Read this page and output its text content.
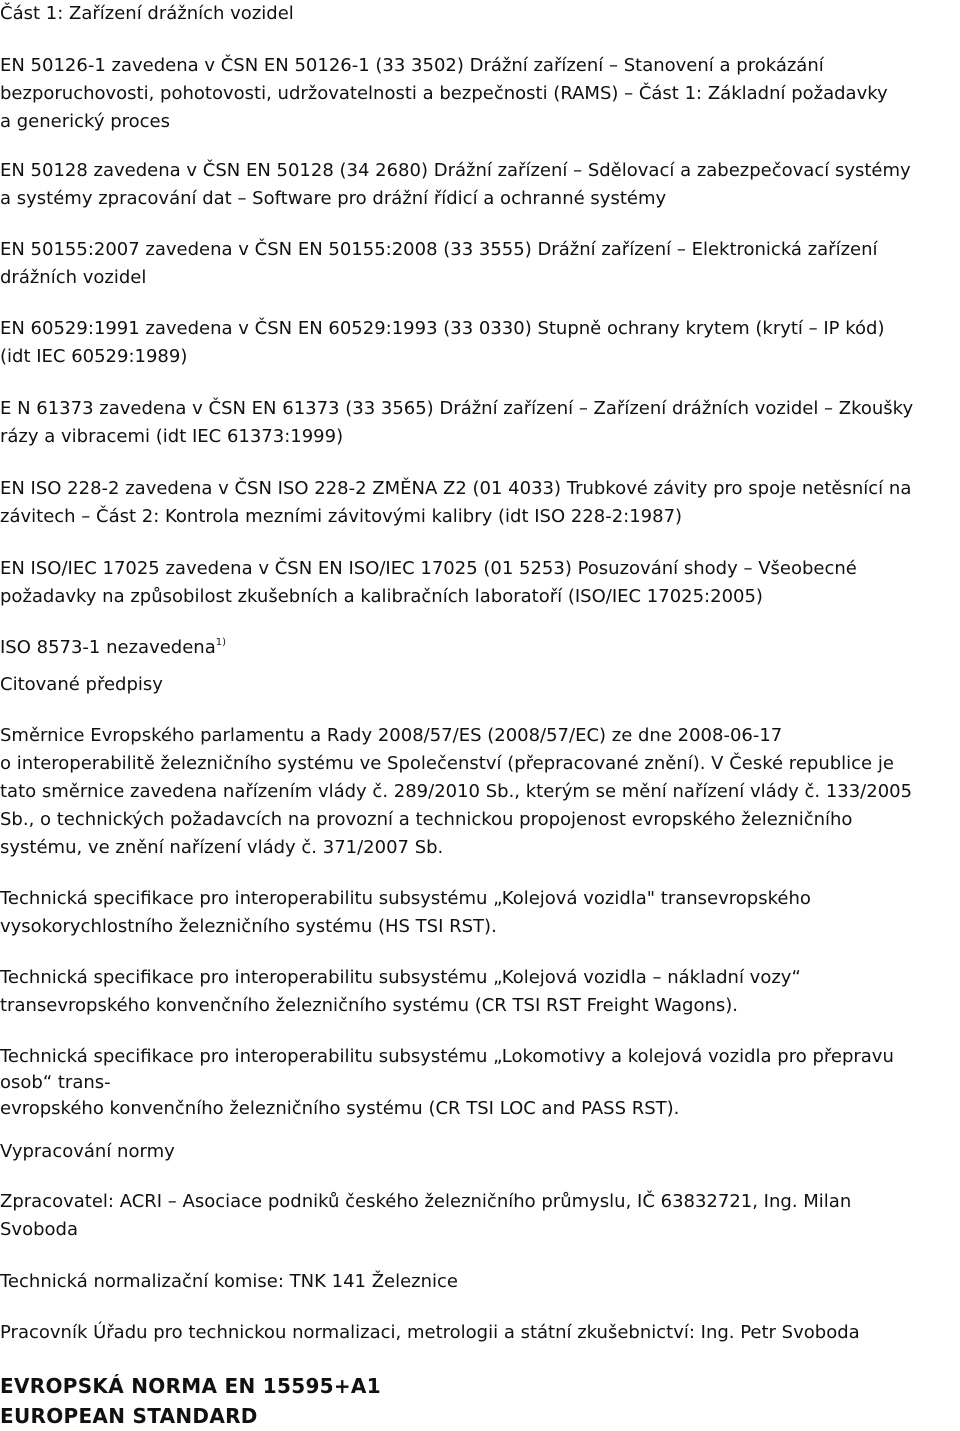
Část 1: Zařízení drážních vozidel
EN 50126-1 zavedena v ČSN EN 50126-1 (33 3502) Drážní zařízení – Stanovení a prokázání
bezporuchovosti, pohotovosti, udržovatelnosti a bezpečnosti (RAMS) – Část 1: Základní požadavky
a generický proces
EN 50128 zavedena v ČSN EN 50128 (34 2680) Drážní zařízení – Sdělovací a zabezpečovací systémy
a systémy zpracování dat – Software pro drážní řídicí a ochranné systémy
EN 50155:2007 zavedena v ČSN EN 50155:2008 (33 3555) Drážní zařízení – Elektronická zařízení
drážních vozidel
EN 60529:1991 zavedena v ČSN EN 60529:1993 (33 0330) Stupně ochrany krytem (krytí – IP kód)
(idt IEC 60529:1989)
E N 61373 zavedena v ČSN EN 61373 (33 3565) Drážní zařízení – Zařízení drážních vozidel – Zkoušky
rázy a vibracemi (idt IEC 61373:1999)
EN ISO 228-2 zavedena v ČSN ISO 228-2 ZMĚNA Z2 (01 4033) Trubkové závity pro spoje netěsnící na
závitech – Část 2: Kontrola mezními závitovými kalibry (idt ISO 228-2:1987)
EN ISO/IEC 17025 zavedena v ČSN EN ISO/IEC 17025 (01 5253) Posuzování shody – Všeobecné
požadavky na způsobilost zkušebních a kalibračních laboratoří (ISO/IEC 17025:2005)
ISO 8573-1 nezavedena$^{1)}$
Citované předpisy
Směrnice Evropského parlamentu a Rady 2008/57/ES (2008/57/EC) ze dne 2008-06-17
o interoperabilitě železničního systému ve Společenství (přepracované znění). V České republice je
tato směrnice zavedena nařízením vlády č. 289/2010 Sb., kterým se mění nařízení vlády č. 133/2005
Sb., o technických požadavcích na provozní a technickou propojenost evropského železničního
systému, ve znění nařízení vlády č. 371/2007 Sb.
Technická specifikace pro interoperabilitu subsystému „Kolejová vozidla" transevropského
vysokorychlostního železničního systému (HS TSI RST).
Technická specifikace pro interoperabilitu subsystému „Kolejová vozidla – nákladní vozy“
transevropského konvenčního železničního systému (CR TSI RST Freight Wagons).
Technická specifikace pro interoperabilitu subsystému „Lokomotivy a kolejová vozidla pro přepravu
osob“ trans-
evropského konvenčního železničního systému (CR TSI LOC and PASS RST).
Vypracování normy
Zpracovatel: ACRI – Asociace podniků českého železničního průmyslu, IČ 63832721, Ing. Milan
Svoboda
Technická normalizační komise: TNK 141 Železnice
Pracovník Úřadu pro technickou normalizaci, metrologii a státní zkušebnictví: Ing. Petr Svoboda
EVROPSKÁ NORMA EN 15595+A1
EUROPEAN STANDARD
